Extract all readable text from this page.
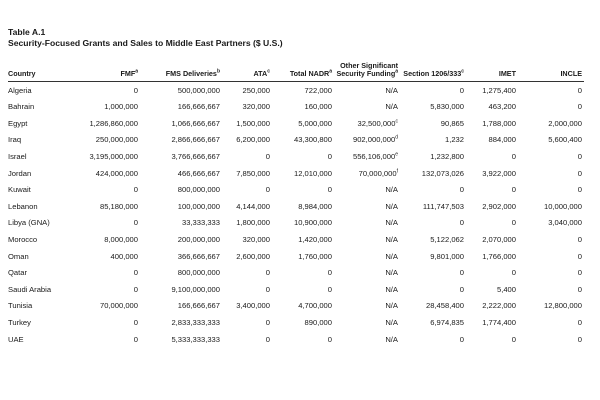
Table A.1
Security-Focused Grants and Sales to Middle East Partners ($ U.S.)
Country	FMF$^a$	FMS Deliveries$^b$	ATA$^c$	Total NADR$^a$	Other Significant Security Funding$^a$	Section 1206/333$^c$	IMET	INCLE
Algeria	0	500,000,000	250,000	722,000	N/A	0	1,275,400	0
Bahrain	1,000,000	166,666,667	320,000	160,000	N/A	5,830,000	463,200	0
Egypt	1,286,860,000	1,066,666,667	1,500,000	5,000,000	32,500,000$^c$	90,865	1,788,000	2,000,000
Iraq	250,000,000	2,866,666,667	6,200,000	43,300,800	902,000,000$^d$	1,232	884,000	5,600,400
Israel	3,195,000,000	3,766,666,667	0	0	556,106,000e	1,232,800	0	0
Jordan	424,000,000	466,666,667	7,850,000	12,010,000	70,000,000$^f$	132,073,026	3,922,000	0
Kuwait	0	800,000,000	0	0	N/A	0	0	0
Lebanon	85,180,000	100,000,000	4,144,000	8,984,000	N/A	111,747,503	2,902,000	10,000,000
Libya (GNA)	0	33,333,333	1,800,000	10,900,000	N/A	0	0	3,040,000
Morocco	8,000,000	200,000,000	320,000	1,420,000	N/A	5,122,062	2,070,000	0
Oman	400,000	366,666,667	2,600,000	1,760,000	N/A	9,801,000	1,766,000	0
Qatar	0	800,000,000	0	0	N/A	0	0	0
Saudi Arabia	0	9,100,000,000	0	0	N/A	0	5,400	0
Tunisia	70,000,000	166,666,667	3,400,000	4,700,000	N/A	28,458,400	2,222,000	12,800,000
Turkey	0	2,833,333,333	0	890,000	N/A	6,974,835	1,774,400	0
UAE	0	5,333,333,333	0	0	N/A	0	0	0
